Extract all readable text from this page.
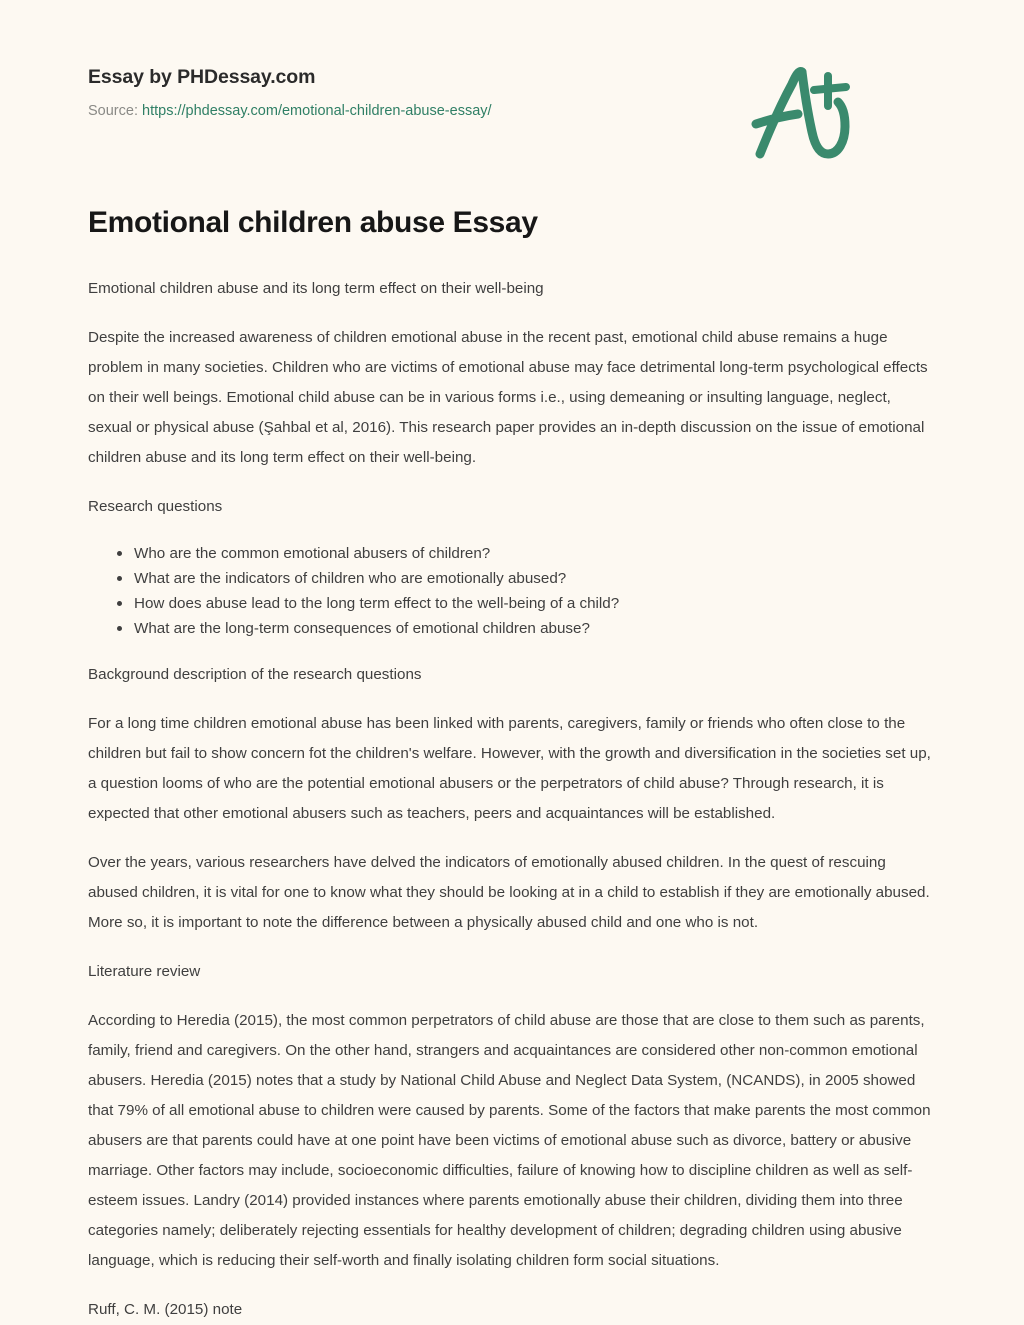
Essay by PHDessay.com
Source: https://phdessay.com/emotional-children-abuse-essay/
Emotional children abuse Essay

Emotional children abuse and its long term effect on their well-being

Despite the increased awareness of children emotional abuse in the recent past, emotional child abuse remains a huge problem in many societies. Children who are victims of emotional abuse may face detrimental long-term psychological effects on their well beings. Emotional child abuse can be in various forms i.e., using demeaning or insulting language, neglect, sexual or physical abuse (Şahbal et al, 2016). This research paper provides an in-depth discussion on the issue of emotional children abuse and its long term effect on their well-being.

Research questions

Who are the common emotional abusers of children?
What are the indicators of children who are emotionally abused?
How does abuse lead to the long term effect to the well-being of a child?
What are the long-term consequences of emotional children abuse?

Background description of the research questions

For a long time children emotional abuse has been linked with parents, caregivers, family or friends who often close to the children but fail to show concern fot the children's welfare. However, with the growth and diversification in the societies set up, a question looms of who are the potential emotional abusers or the perpetrators of child abuse? Through research, it is expected that other emotional abusers such as teachers, peers and acquaintances will be established.

Over the years, various researchers have delved the indicators of emotionally abused children. In the quest of rescuing abused children, it is vital for one to know what they should be looking at in a child to establish if they are emotionally abused. More so, it is important to note the difference between a physically abused child and one who is not.

Literature review

According to Heredia (2015), the most common perpetrators of child abuse are those that are close to them such as parents, family, friend and caregivers. On the other hand, strangers and acquaintances are considered other non-common emotional abusers. Heredia (2015) notes that a study by National Child Abuse and Neglect Data System, (NCANDS), in 2005 showed that 79% of all emotional abuse to children were caused by parents. Some of the factors that make parents the most common abusers are that parents could have at one point have been victims of emotional abuse such as divorce, battery or abusive marriage. Other factors may include, socioeconomic difficulties, failure of knowing how to discipline children as well as self-esteem issues. Landry (2014) provided instances where parents emotionally abuse their children, dividing them into three categories namely; deliberately rejecting essentials for healthy development of children; degrading children using abusive language, which is reducing their self-worth and finally isolating children form social situations.

Ruff, C. M. (2015) note
